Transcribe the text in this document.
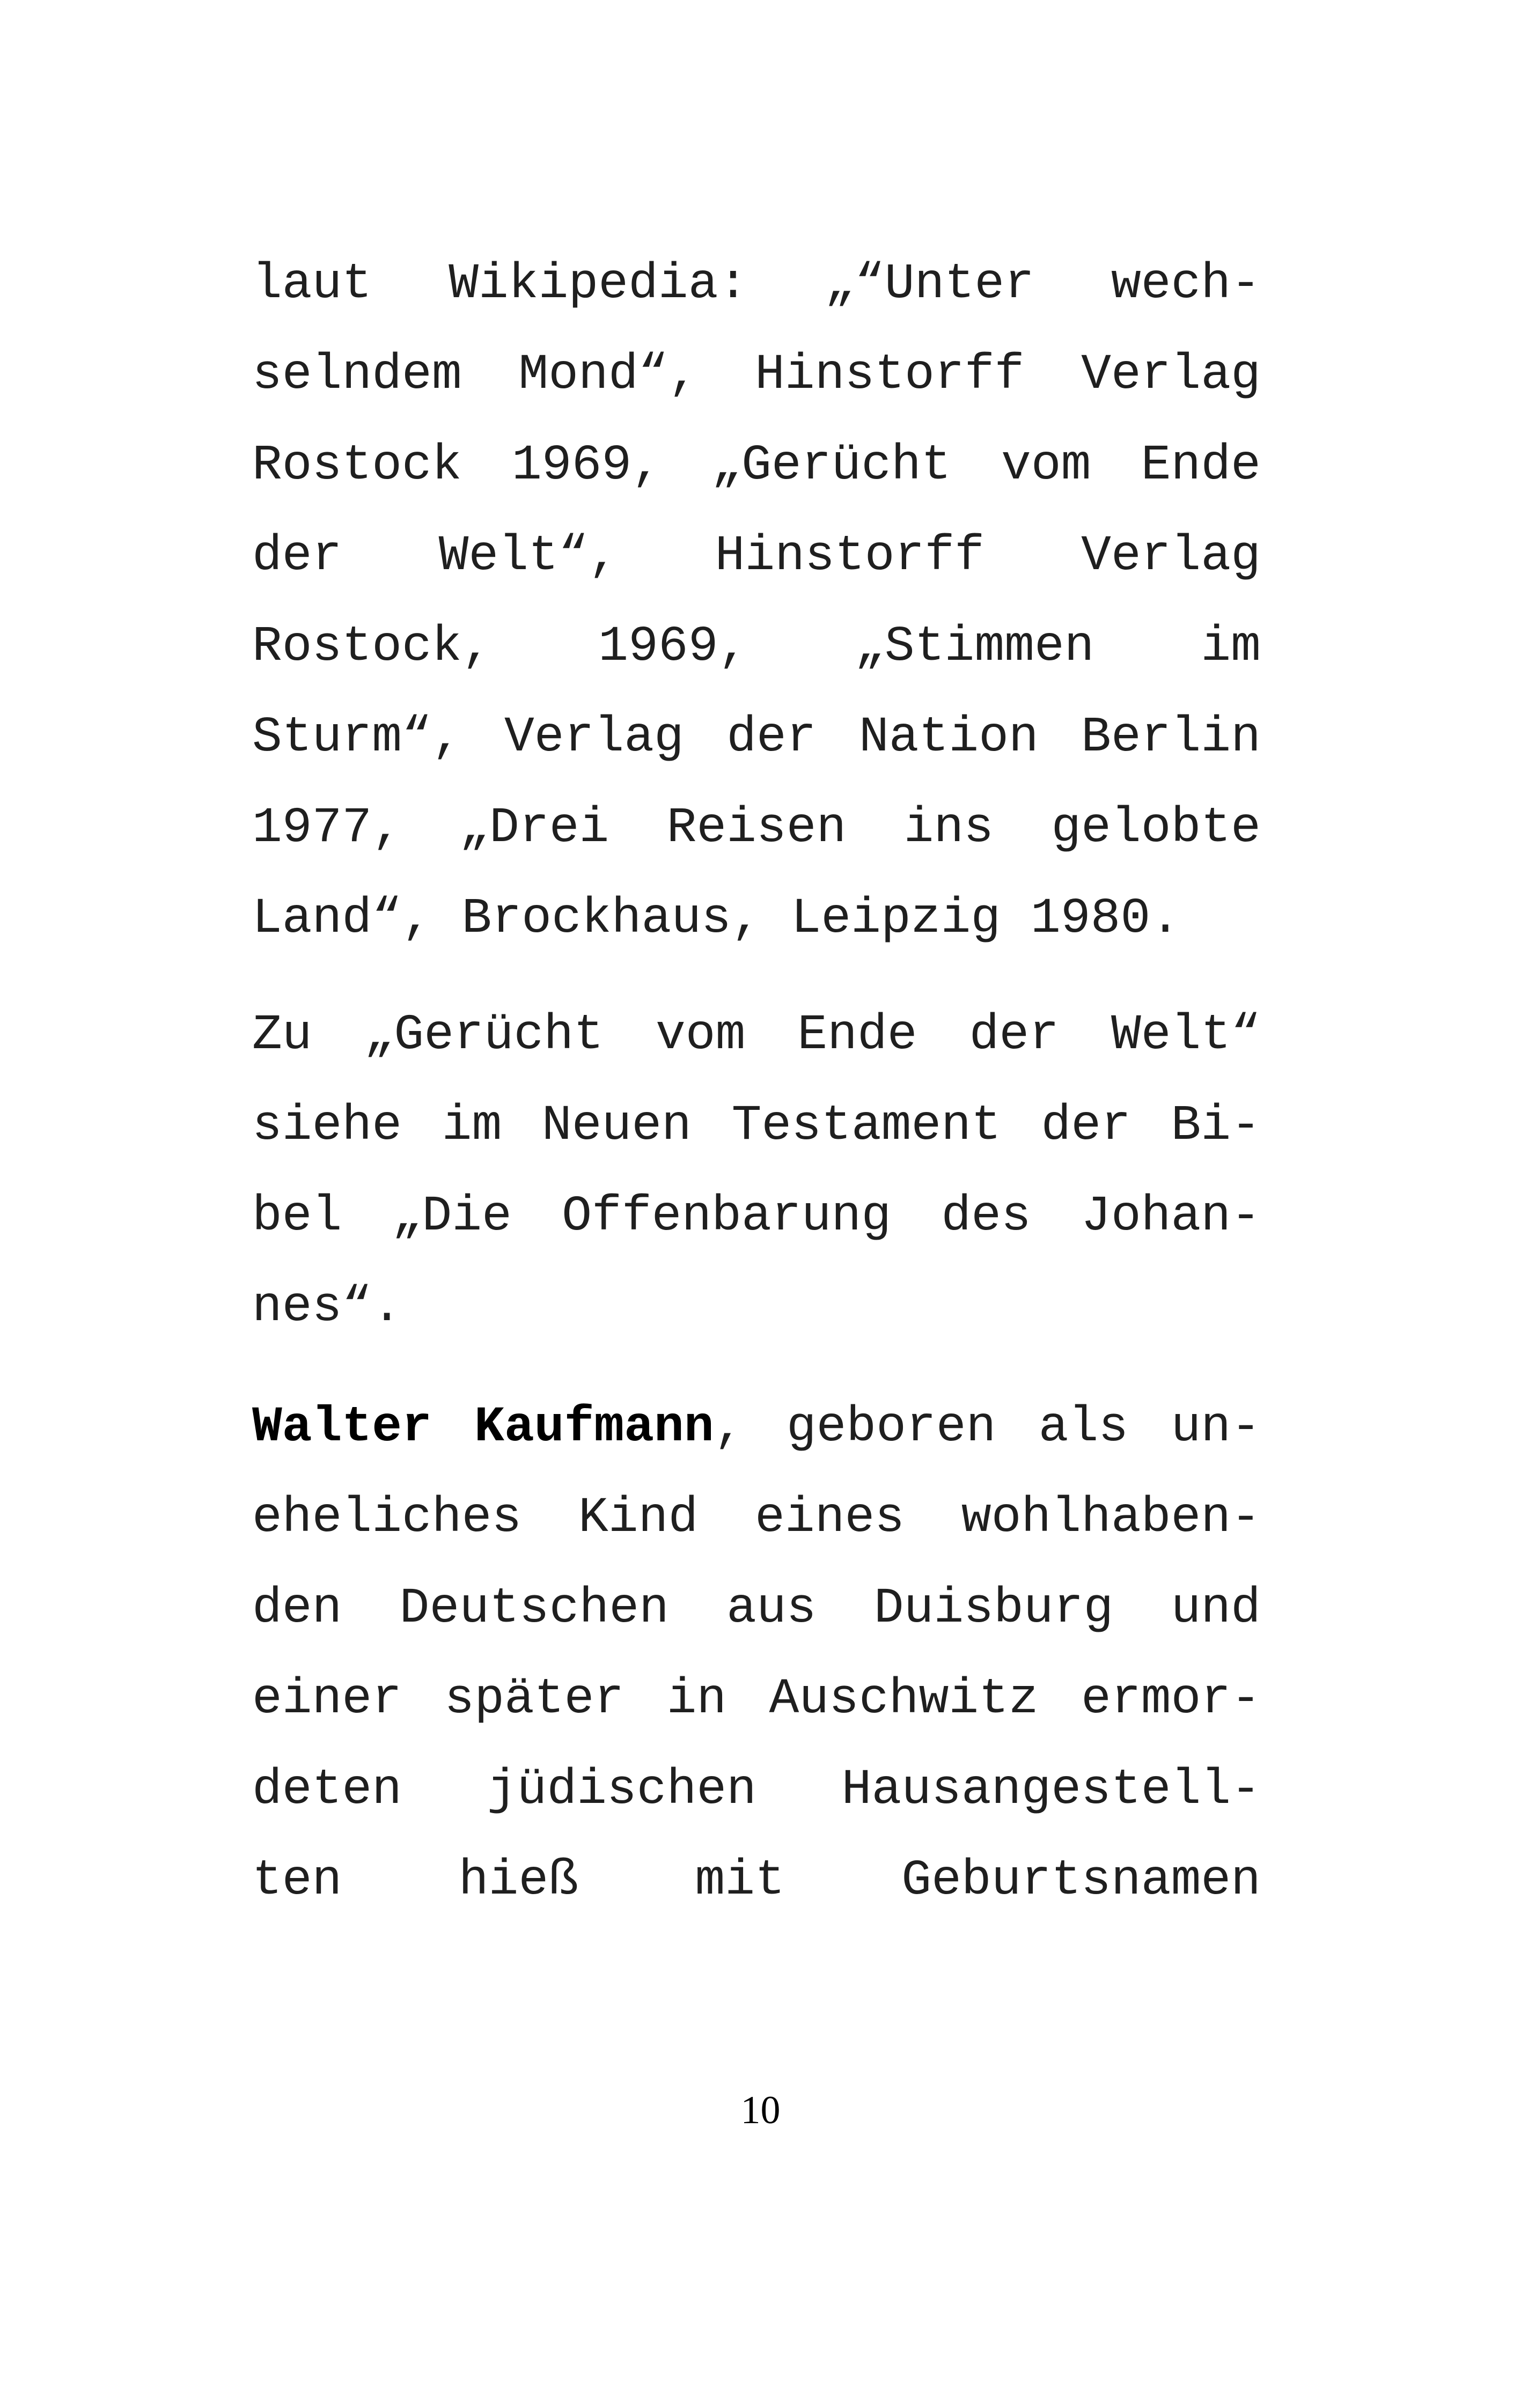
laut Wikipedia: „“Unter wech-
selndem Mond“, Hinstorff Verlag
Rostock 1969, „Gerücht vom Ende
der Welt“, Hinstorff Verlag
Rostock, 1969, „Stimmen im
Sturm“, Verlag der Nation Berlin
1977, „Drei Reisen ins gelobte
Land“, Brockhaus, Leipzig 1980.
Zu „Gerücht vom Ende der Welt“
siehe im Neuen Testament der Bi-
bel „Die Offenbarung des Johan-
nes“.
Walter Kaufmann, geboren als un-
eheliches Kind eines wohlhaben-
den Deutschen aus Duisburg und
einer später in Auschwitz ermor-
deten jüdischen Hausangestell-
ten hieß mit Geburtsnamen
10
